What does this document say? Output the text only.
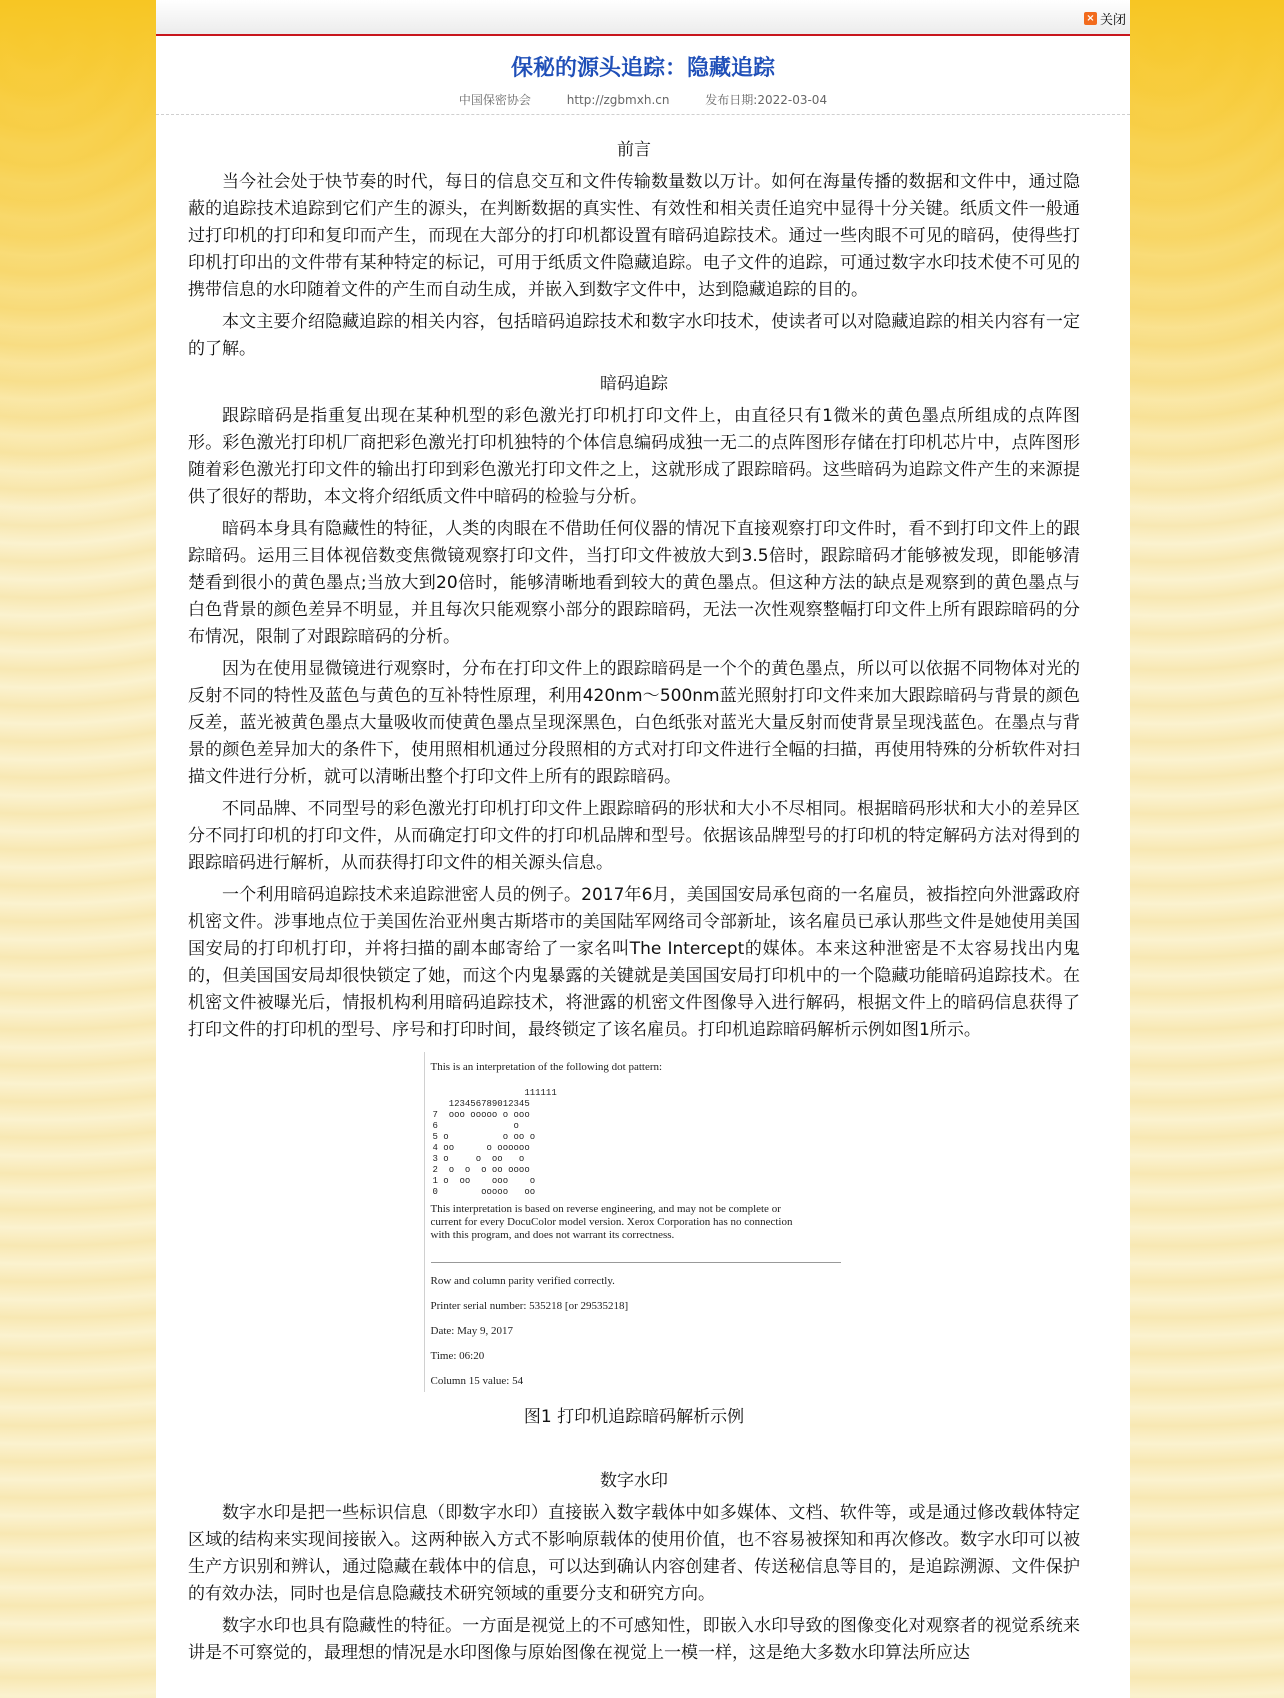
× 关闭
保秘的源头追踪：隐藏追踪
中国保密协会	http://zgbmxh.cn	发布日期:2022-03-04
前言

当今社会处于快节奏的时代，每日的信息交互和文件传输数量数以万计。如何在海量传播的数据和文件中，通过隐蔽的追踪技术追踪到它们产生的源头，在判断数据的真实性、有效性和相关责任追究中显得十分关键。纸质文件一般通过打印机的打印和复印而产生，而现在大部分的打印机都设置有暗码追踪技术。通过一些肉眼不可见的暗码，使得些打印机打印出的文件带有某种特定的标记，可用于纸质文件隐藏追踪。电子文件的追踪，可通过数字水印技术使不可见的携带信息的水印随着文件的产生而自动生成，并嵌入到数字文件中，达到隐藏追踪的目的。

本文主要介绍隐藏追踪的相关内容，包括暗码追踪技术和数字水印技术，使读者可以对隐藏追踪的相关内容有一定的了解。

暗码追踪

跟踪暗码是指重复出现在某种机型的彩色激光打印机打印文件上，由直径只有1微米的黄色墨点所组成的点阵图形。彩色激光打印机厂商把彩色激光打印机独特的个体信息编码成独一无二的点阵图形存储在打印机芯片中，点阵图形随着彩色激光打印文件的输出打印到彩色激光打印文件之上，这就形成了跟踪暗码。这些暗码为追踪文件产生的来源提供了很好的帮助，本文将介绍纸质文件中暗码的检验与分析。

暗码本身具有隐藏性的特征，人类的肉眼在不借助任何仪器的情况下直接观察打印文件时，看不到打印文件上的跟踪暗码。运用三目体视倍数变焦微镜观察打印文件，当打印文件被放大到3.5倍时，跟踪暗码才能够被发现，即能够清楚看到很小的黄色墨点;当放大到20倍时，能够清晰地看到较大的黄色墨点。但这种方法的缺点是观察到的黄色墨点与白色背景的颜色差异不明显，并且每次只能观察小部分的跟踪暗码，无法一次性观察整幅打印文件上所有跟踪暗码的分布情况，限制了对跟踪暗码的分析。

因为在使用显微镜进行观察时，分布在打印文件上的跟踪暗码是一个个的黄色墨点，所以可以依据不同物体对光的反射不同的特性及蓝色与黄色的互补特性原理，利用420nm～500nm蓝光照射打印文件来加大跟踪暗码与背景的颜色反差，蓝光被黄色墨点大量吸收而使黄色墨点呈现深黑色，白色纸张对蓝光大量反射而使背景呈现浅蓝色。在墨点与背景的颜色差异加大的条件下，使用照相机通过分段照相的方式对打印文件进行全幅的扫描，再使用特殊的分析软件对扫描文件进行分析，就可以清晰出整个打印文件上所有的跟踪暗码。

不同品牌、不同型号的彩色激光打印机打印文件上跟踪暗码的形状和大小不尽相同。根据暗码形状和大小的差异区分不同打印机的打印文件，从而确定打印文件的打印机品牌和型号。依据该品牌型号的打印机的特定解码方法对得到的跟踪暗码进行解析，从而获得打印文件的相关源头信息。

一个利用暗码追踪技术来追踪泄密人员的例子。2017年6月，美国国安局承包商的一名雇员，被指控向外泄露政府机密文件。涉事地点位于美国佐治亚州奥古斯塔市的美国陆军网络司令部新址，该名雇员已承认那些文件是她使用美国国安局的打印机打印，并将扫描的副本邮寄给了一家名叫The Intercept的媒体。本来这种泄密是不太容易找出内鬼的，但美国国安局却很快锁定了她，而这个内鬼暴露的关键就是美国国安局打印机中的一个隐藏功能暗码追踪技术。在机密文件被曝光后，情报机构利用暗码追踪技术，将泄露的机密文件图像导入进行解码，根据文件上的暗码信息获得了打印文件的打印机的型号、序号和打印时间，最终锁定了该名雇员。打印机追踪暗码解析示例如图1所示。

This is an interpretation of the following dot pattern:
111111
123456789012345
7  ooo ooooo o ooo
6              o
5 o          o oo o
4 oo      o oooooo
3 o     o  oo   o
2  o  o  o oo oooo
1 o  oo    ooo    o
0        ooooo   oo
This interpretation is based on reverse engineering, and may not be complete or
current for every DocuColor model version. Xerox Corporation has no connection
with this program, and does not warrant its correctness.
Row and column parity verified correctly.
Printer serial number: 535218 [or 29535218]
Date: May 9, 2017
Time: 06:20
Column 15 value: 54
图1 打印机追踪暗码解析示例
数字水印

数字水印是把一些标识信息（即数字水印）直接嵌入数字载体中如多媒体、文档、软件等，或是通过修改载体特定区域的结构来实现间接嵌入。这两种嵌入方式不影响原载体的使用价值，也不容易被探知和再次修改。数字水印可以被生产方识别和辨认，通过隐藏在载体中的信息，可以达到确认内容创建者、传送秘信息等目的，是追踪溯源、文件保护的有效办法，同时也是信息隐藏技术研究领域的重要分支和研究方向。

数字水印也具有隐藏性的特征。一方面是视觉上的不可感知性，即嵌入水印导致的图像变化对观察者的视觉系统来讲是不可察觉的，最理想的情况是水印图像与原始图像在视觉上一模一样，这是绝大多数水印算法所应达
